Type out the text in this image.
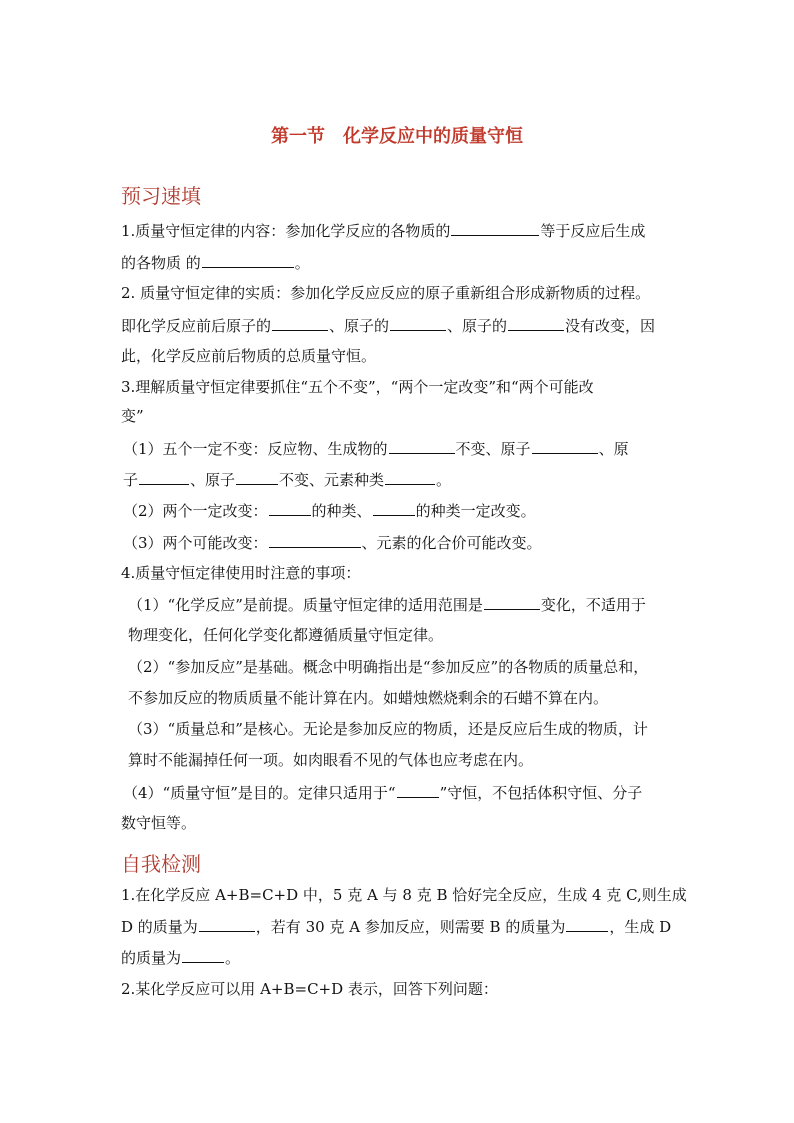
第一节　化学反应中的质量守恒
预习速填
1.质量守恒定律的内容：参加化学反应的各物质的	等于反应后生成
的各物质 的	。
2. 质量守恒定律的实质：参加化学反应反应的原子重新组合形成新物质的过程。
即化学反应前后原子的	、原子的	、原子的	没有改变，因
此，化学反应前后物质的总质量守恒。
3.理解质量守恒定律要抓住“五个不变”，“两个一定改变”和“两个可能改
变”
（1）五个一定不变：反应物、生成物的	不变、原子	、原
子	、原子	不变、元素种类	。
（2）两个一定改变：	的种类、	的种类一定改变。
（3）两个可能改变：	、元素的化合价可能改变。
4.质量守恒定律使用时注意的事项：
（1）“化学反应”是前提。质量守恒定律的适用范围是	变化，不适用于
物理变化，任何化学变化都遵循质量守恒定律。
（2）“参加反应”是基础。概念中明确指出是“参加反应”的各物质的质量总和，
不参加反应的物质质量不能计算在内。如蜡烛燃烧剩余的石蜡不算在内。
（3）“质量总和”是核心。无论是参加反应的物质，还是反应后生成的物质，计
算时不能漏掉任何一项。如肉眼看不见的气体也应考虑在内。
（4）“质量守恒”是目的。定律只适用于“	”守恒，不包括体积守恒、分子
数守恒等。
自我检测
1.在化学反应 A+B=C+D 中，5 克 A 与 8 克 B 恰好完全反应，生成 4 克 C,则生成
D 的质量为	，若有 30 克 A 参加反应，则需要 B 的质量为	，生成 D
的质量为	。
2.某化学反应可以用 A+B=C+D 表示，回答下列问题：
